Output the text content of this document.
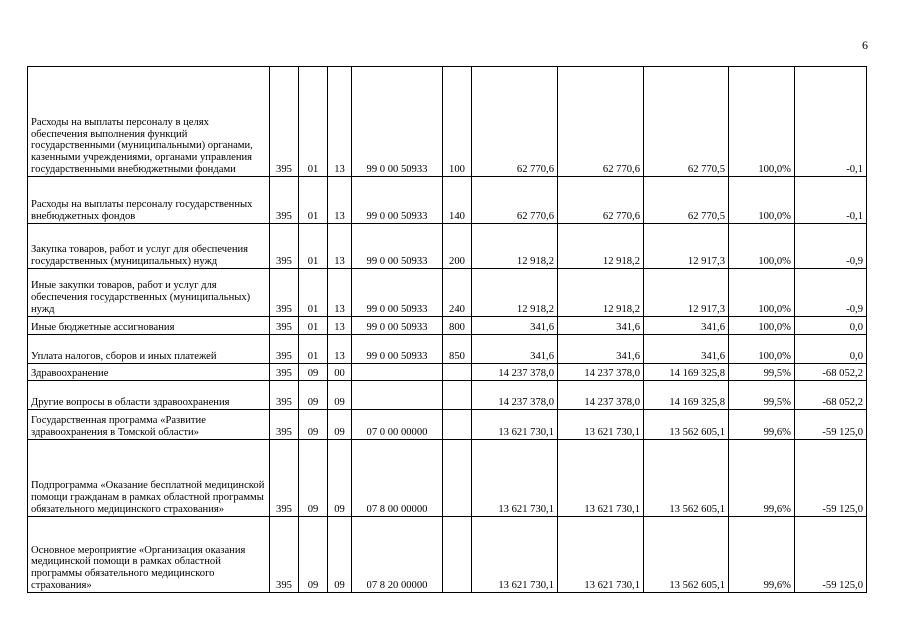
6
Расходы на выплаты персоналу в целях обеспечения выполнения функций государственными (муниципальными) органами, казенными учреждениями, органами управления государственными внебюджетными фондами	395	01	13	99 0 00 50933	100	62 770,6	62 770,6	62 770,5	100,0%	-0,1
Расходы на выплаты персоналу государственных внебюджетных фондов	395	01	13	99 0 00 50933	140	62 770,6	62 770,6	62 770,5	100,0%	-0,1
Закупка товаров, работ и услуг для обеспечения государственных (муниципальных) нужд	395	01	13	99 0 00 50933	200	12 918,2	12 918,2	12 917,3	100,0%	-0,9
Иные закупки товаров, работ и услуг для обеспечения государственных (муниципальных) нужд	395	01	13	99 0 00 50933	240	12 918,2	12 918,2	12 917,3	100,0%	-0,9
Иные бюджетные ассигнования	395	01	13	99 0 00 50933	800	341,6	341,6	341,6	100,0%	0,0
Уплата налогов, сборов и иных платежей	395	01	13	99 0 00 50933	850	341,6	341,6	341,6	100,0%	0,0
Здравоохранение	395	09	00			14 237 378,0	14 237 378,0	14 169 325,8	99,5%	-68 052,2
Другие вопросы в области здравоохранения	395	09	09			14 237 378,0	14 237 378,0	14 169 325,8	99,5%	-68 052,2
Государственная программа «Развитие здравоохранения в Томской области»	395	09	09	07 0 00 00000		13 621 730,1	13 621 730,1	13 562 605,1	99,6%	-59 125,0
Подпрограмма «Оказание бесплатной медицинской помощи гражданам в рамках областной программы обязательного медицинского страхования»	395	09	09	07 8 00 00000		13 621 730,1	13 621 730,1	13 562 605,1	99,6%	-59 125,0
Основное мероприятие «Организация оказания медицинской помощи в рамках областной программы обязательного медицинского страхования»	395	09	09	07 8 20 00000		13 621 730,1	13 621 730,1	13 562 605,1	99,6%	-59 125,0
